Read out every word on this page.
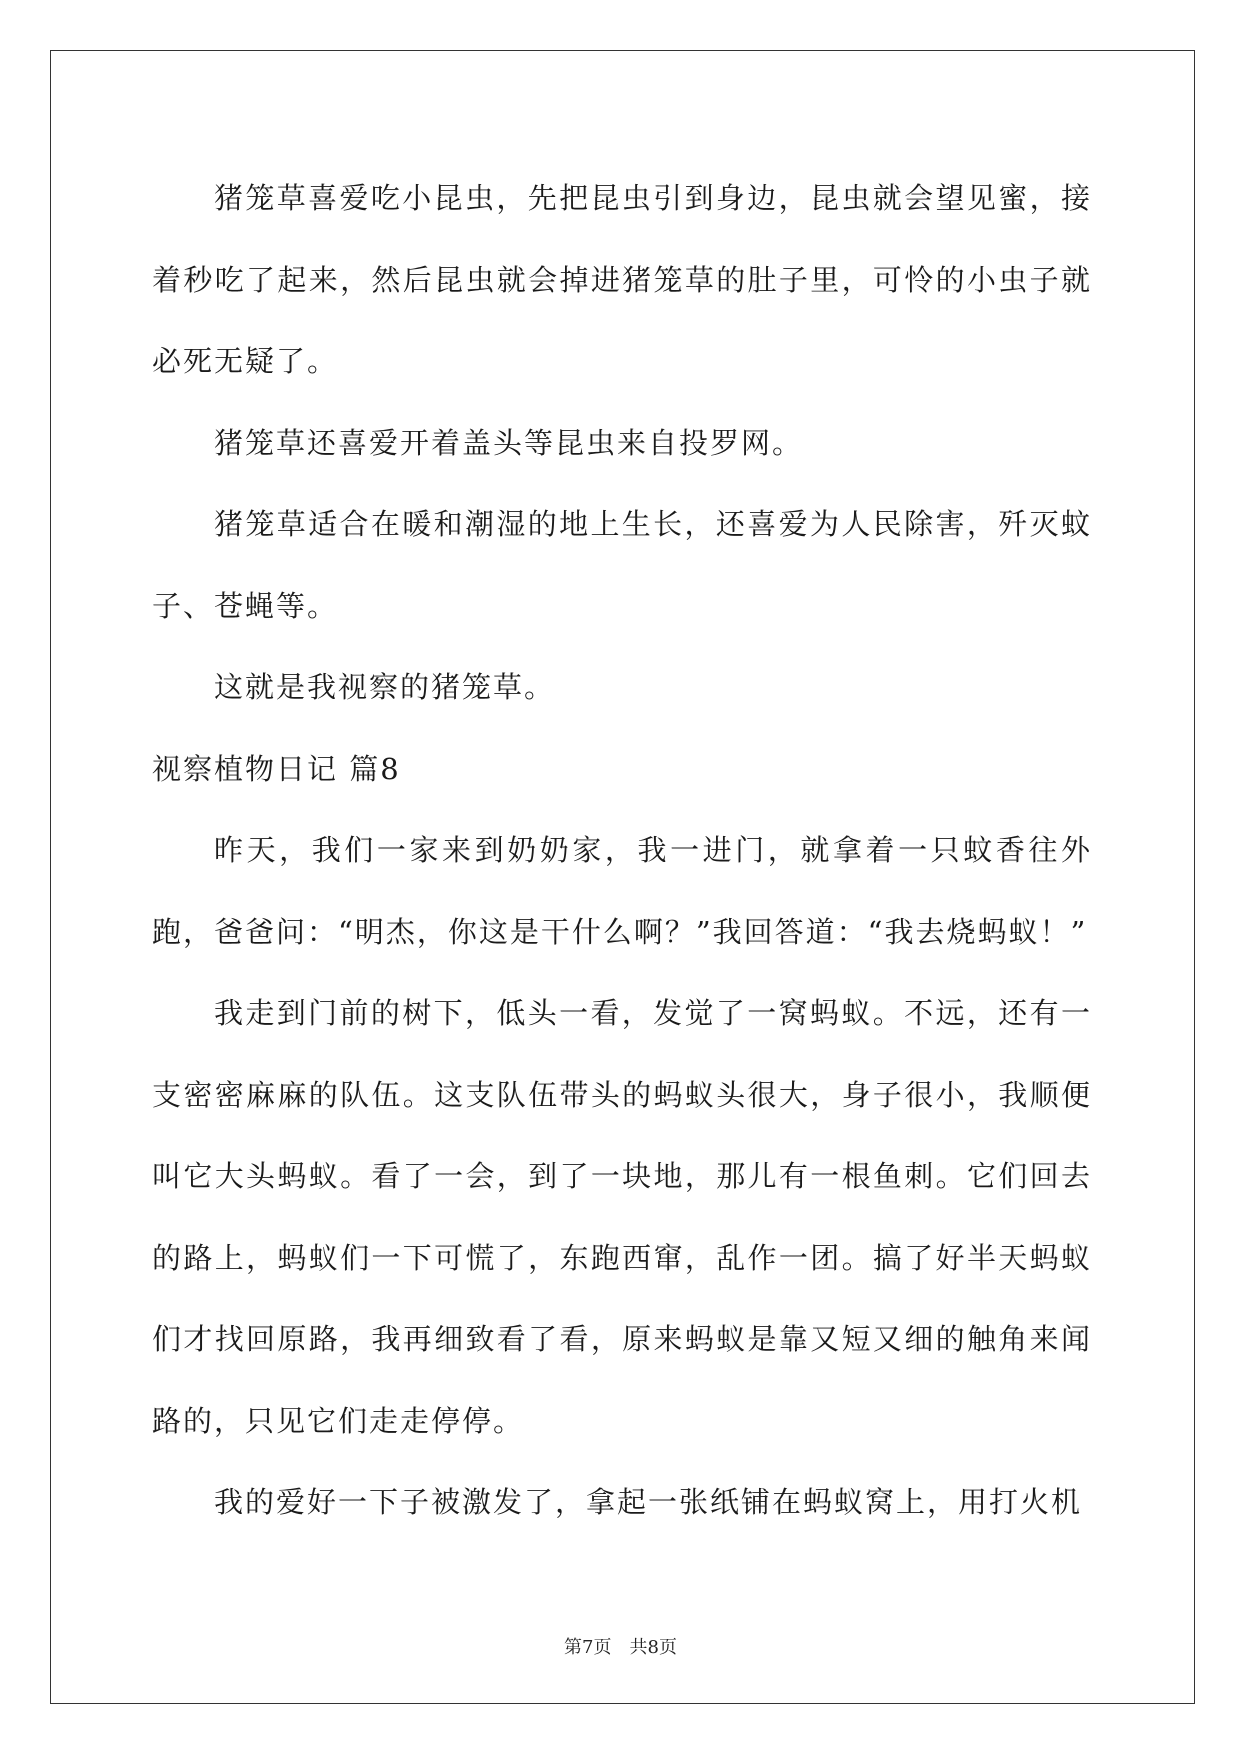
猪笼草喜爱吃小昆虫，先把昆虫引到身边，昆虫就会望见蜜，接着秒吃了起来，然后昆虫就会掉进猪笼草的肚子里，可怜的小虫子就必死无疑了。

猪笼草还喜爱开着盖头等昆虫来自投罗网。

猪笼草适合在暖和潮湿的地上生长，还喜爱为人民除害，歼灭蚊子、苍蝇等。

这就是我视察的猪笼草。

视察植物日记 篇8

昨天，我们一家来到奶奶家，我一进门，就拿着一只蚊香往外跑，爸爸问：“明杰，你这是干什么啊？”我回答道：“我去烧蚂蚁！”

我走到门前的树下，低头一看，发觉了一窝蚂蚁。不远，还有一支密密麻麻的队伍。这支队伍带头的蚂蚁头很大，身子很小，我顺便叫它大头蚂蚁。看了一会，到了一块地，那儿有一根鱼刺。它们回去的路上，蚂蚁们一下可慌了，东跑西窜，乱作一团。搞了好半天蚂蚁们才找回原路，我再细致看了看，原来蚂蚁是靠又短又细的触角来闻路的，只见它们走走停停。

我的爱好一下子被激发了，拿起一张纸铺在蚂蚁窝上，用打火机

第7页 共8页
